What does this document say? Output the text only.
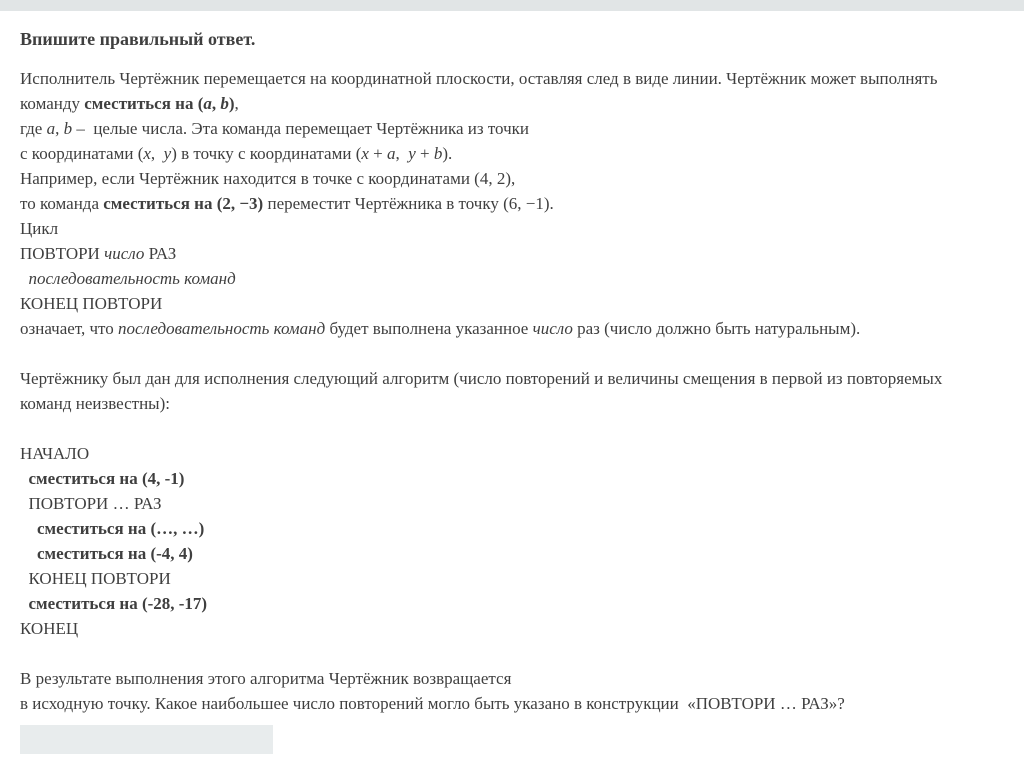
Впишите правильный ответ.
Исполнитель Чертёжник перемещается на координатной плоскости, оставляя след в виде линии. Чертёжник может выполнять
команду сместиться на (a, b),
где a, b –  целые числа. Эта команда перемещает Чертёжника из точки
с координатами (x,  y) в точку с координатами (x + a,  y + b).
Например, если Чертёжник находится в точке с координатами (4, 2),
то команда сместиться на (2, −3) переместит Чертёжника в точку (6, −1).
Цикл
ПОВТОРИ число РАЗ
последовательность команд
КОНЕЦ ПОВТОРИ
означает, что последовательность команд будет выполнена указанное число раз (число должно быть натуральным).
Чертёжнику был дан для исполнения следующий алгоритм (число повторений и величины смещения в первой из повторяемых
команд неизвестны):
НАЧАЛО
сместиться на (4, -1)
ПОВТОРИ … РАЗ
сместиться на (…, …)
сместиться на (-4, 4)
КОНЕЦ ПОВТОРИ
сместиться на (-28, -17)
КОНЕЦ
В результате выполнения этого алгоритма Чертёжник возвращается
в исходную точку. Какое наибольшее число повторений могло быть указано в конструкции  «ПОВТОРИ … РАЗ»?
